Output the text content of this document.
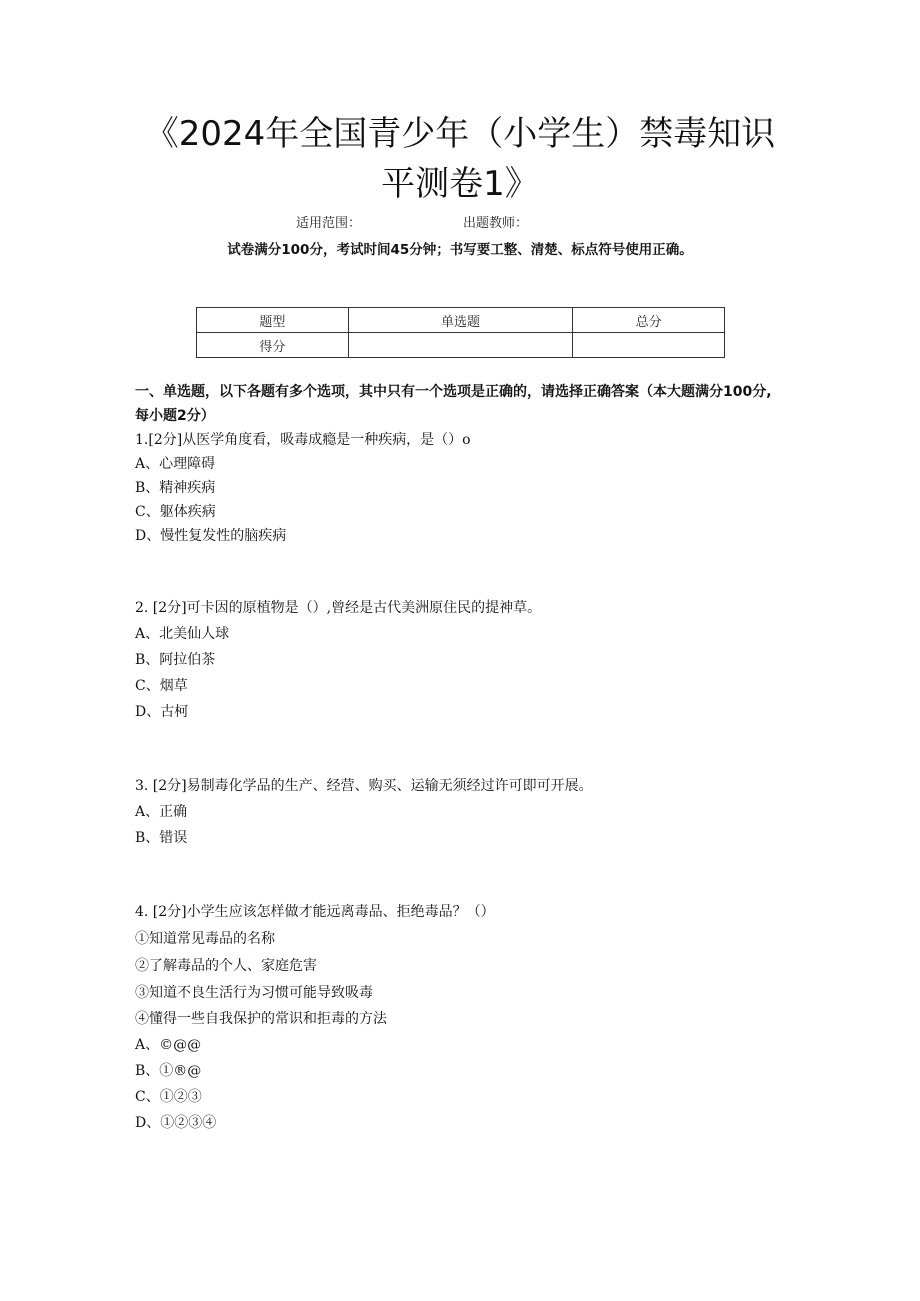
《2024年全国青少年（小学生）禁毒知识
平测卷1》
适用范围：	出题教师：
试卷满分100分，考试时间45分钟；书写要工整、清楚、标点符号使用正确。
题型	单选题	总分
得分		
一、单选题，以下各题有多个选项，其中只有一个选项是正确的，请选择正确答案（本大题满分100分,每小题2分）
1.[2分]从医学角度看，吸毒成瘾是一种疾病，是（）o
A、心理障碍
B、精神疾病
C、躯体疾病
D、慢性复发性的脑疾病
2. [2分]可卡因的原植物是（）,曾经是古代美洲原住民的提神草。
A、北美仙人球
B、阿拉伯茶
C、烟草
D、古柯
3. [2分]易制毒化学品的生产、经营、购买、运输无须经过许可即可开展。
A、正确
B、错误
4. [2分]小学生应该怎样做才能远离毒品、拒绝毒品？（）
①知道常见毒品的名称
②了解毒品的个人、家庭危害
③知道不良生活行为习惯可能导致吸毒
④懂得一些自我保护的常识和拒毒的方法
A、©@@
B、①®@
C、①②③
D、①②③④
